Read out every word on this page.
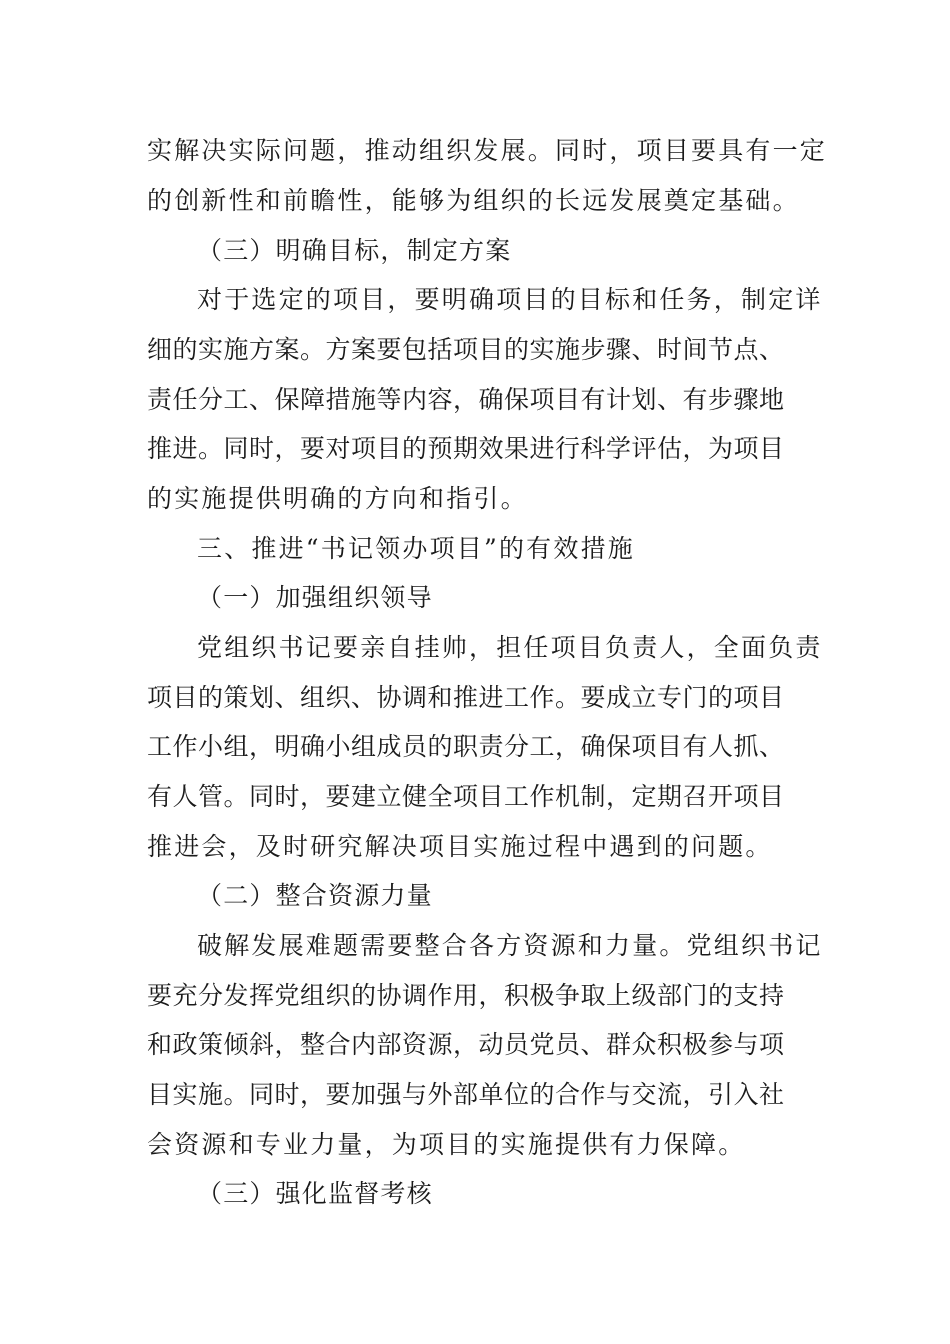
实解决实际问题，推动组织发展。同时，项目要具有一定
的创新性和前瞻性，能够为组织的长远发展奠定基础。
（三）明确目标，制定方案
对于选定的项目，要明确项目的目标和任务，制定详
细的实施方案。方案要包括项目的实施步骤、时间节点、
责任分工、保障措施等内容，确保项目有计划、有步骤地
推进。同时，要对项目的预期效果进行科学评估，为项目
的实施提供明确的方向和指引。
三、推进“书记领办项目”的有效措施
（一）加强组织领导
党组织书记要亲自挂帅，担任项目负责人，全面负责
项目的策划、组织、协调和推进工作。要成立专门的项目
工作小组，明确小组成员的职责分工，确保项目有人抓、
有人管。同时，要建立健全项目工作机制，定期召开项目
推进会，及时研究解决项目实施过程中遇到的问题。
（二）整合资源力量
破解发展难题需要整合各方资源和力量。党组织书记
要充分发挥党组织的协调作用，积极争取上级部门的支持
和政策倾斜，整合内部资源，动员党员、群众积极参与项
目实施。同时，要加强与外部单位的合作与交流，引入社
会资源和专业力量，为项目的实施提供有力保障。
（三）强化监督考核
